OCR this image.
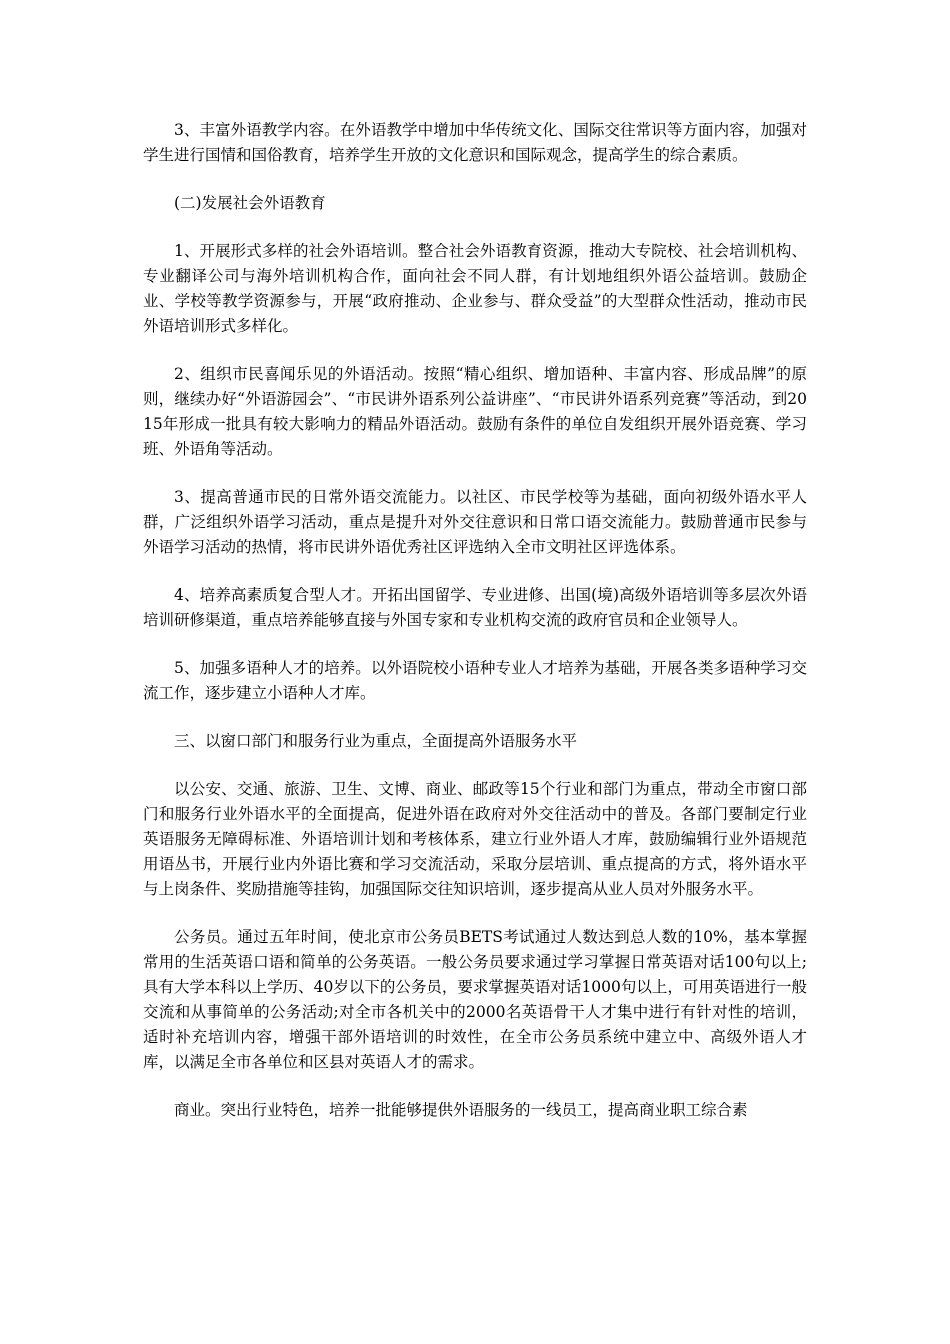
3、丰富外语教学内容。在外语教学中增加中华传统文化、国际交往常识等方面内容，加强对学生进行国情和国俗教育，培养学生开放的文化意识和国际观念，提高学生的综合素质。

(二)发展社会外语教育

1、开展形式多样的社会外语培训。整合社会外语教育资源，推动大专院校、社会培训机构、专业翻译公司与海外培训机构合作，面向社会不同人群，有计划地组织外语公益培训。鼓励企业、学校等教学资源参与，开展“政府推动、企业参与、群众受益”的大型群众性活动，推动市民外语培训形式多样化。

2、组织市民喜闻乐见的外语活动。按照“精心组织、增加语种、丰富内容、形成品牌”的原则，继续办好“外语游园会”、“市民讲外语系列公益讲座”、“市民讲外语系列竞赛”等活动，到2015年形成一批具有较大影响力的精品外语活动。鼓励有条件的单位自发组织开展外语竞赛、学习班、外语角等活动。

3、提高普通市民的日常外语交流能力。以社区、市民学校等为基础，面向初级外语水平人群，广泛组织外语学习活动，重点是提升对外交往意识和日常口语交流能力。鼓励普通市民参与外语学习活动的热情，将市民讲外语优秀社区评选纳入全市文明社区评选体系。

4、培养高素质复合型人才。开拓出国留学、专业进修、出国(境)高级外语培训等多层次外语培训研修渠道，重点培养能够直接与外国专家和专业机构交流的政府官员和企业领导人。

5、加强多语种人才的培养。以外语院校小语种专业人才培养为基础，开展各类多语种学习交流工作，逐步建立小语种人才库。

三、以窗口部门和服务行业为重点，全面提高外语服务水平

以公安、交通、旅游、卫生、文博、商业、邮政等15个行业和部门为重点，带动全市窗口部门和服务行业外语水平的全面提高，促进外语在政府对外交往活动中的普及。各部门要制定行业英语服务无障碍标准、外语培训计划和考核体系，建立行业外语人才库，鼓励编辑行业外语规范用语丛书，开展行业内外语比赛和学习交流活动，采取分层培训、重点提高的方式，将外语水平与上岗条件、奖励措施等挂钩，加强国际交往知识培训，逐步提高从业人员对外服务水平。

公务员。通过五年时间，使北京市公务员BETS考试通过人数达到总人数的10%，基本掌握常用的生活英语口语和简单的公务英语。一般公务员要求通过学习掌握日常英语对话100句以上;具有大学本科以上学历、40岁以下的公务员，要求掌握英语对话1000句以上，可用英语进行一般交流和从事简单的公务活动;对全市各机关中的2000名英语骨干人才集中进行有针对性的培训，适时补充培训内容，增强干部外语培训的时效性，在全市公务员系统中建立中、高级外语人才库，以满足全市各单位和区县对英语人才的需求。

商业。突出行业特色，培养一批能够提供外语服务的一线员工，提高商业职工综合素
